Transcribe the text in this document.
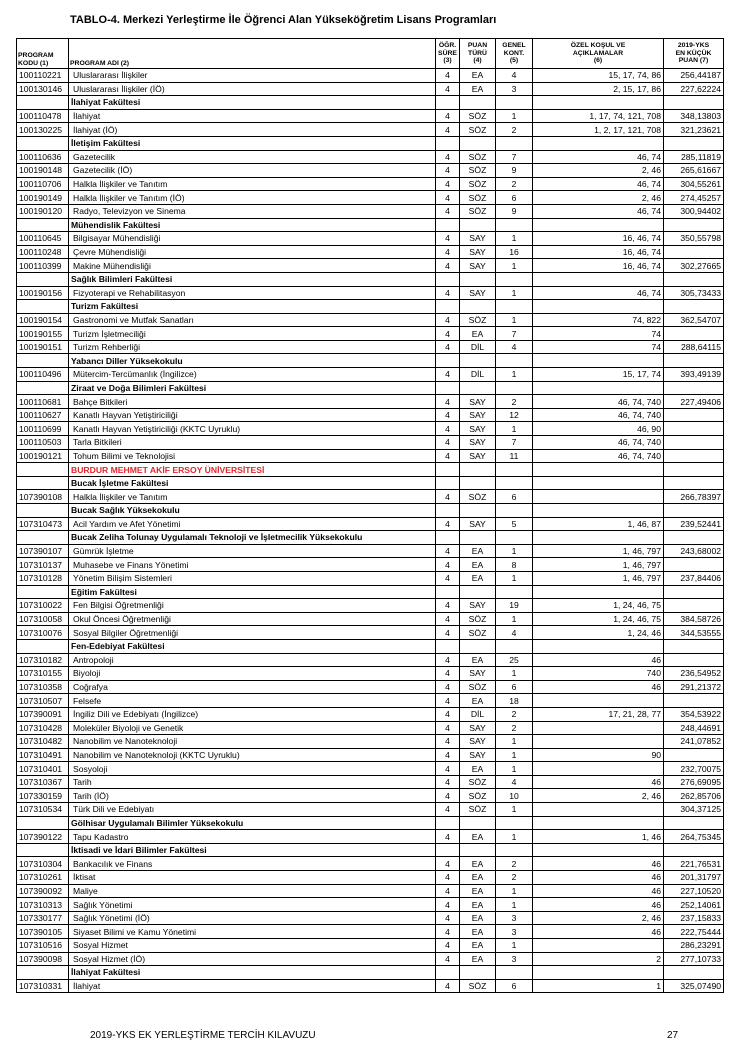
TABLO-4. Merkezi Yerleştirme İle Öğrenci Alan Yükseköğretim Lisans Programları
PROGRAM
KODU (1)	PROGRAM ADI (2)	ÖĞR.
SÜRE
(3)	PUAN
TÜRÜ
(4)	GENEL
KONT.
(5)	ÖZEL KOŞUL VE
AÇIKLAMALAR
(6)	2019-YKS
EN KÜÇÜK
PUAN (7)
100110221	Uluslararası İlişkiler	4	EA	4	15, 17, 74, 86	256,44187
100130146	Uluslararası İlişkiler (İÖ)	4	EA	3	2, 15, 17, 86	227,62224
	İlahiyat Fakültesi					
100110478	İlahiyat	4	SÖZ	1	1, 17, 74, 121, 708	348,13803
100130225	İlahiyat (İÖ)	4	SÖZ	2	1, 2, 17, 121, 708	321,23621
	İletişim Fakültesi					
100110636	Gazetecilik	4	SÖZ	7	46, 74	285,11819
100190148	Gazetecilik (İÖ)	4	SÖZ	9	2, 46	265,61667
100110706	Halkla İlişkiler ve Tanıtım	4	SÖZ	2	46, 74	304,55261
100190149	Halkla İlişkiler ve Tanıtım (İÖ)	4	SÖZ	6	2, 46	274,45257
100190120	Radyo, Televizyon ve Sinema	4	SÖZ	9	46, 74	300,94402
	Mühendislik Fakültesi					
100110645	Bilgisayar Mühendisliği	4	SAY	1	16, 46, 74	350,55798
100110248	Çevre Mühendisliği	4	SAY	16	16, 46, 74	
100110399	Makine Mühendisliği	4	SAY	1	16, 46, 74	302,27665
	Sağlık Bilimleri Fakültesi					
100190156	Fizyoterapi ve Rehabilitasyon	4	SAY	1	46, 74	305,73433
	Turizm Fakültesi					
100190154	Gastronomi ve Mutfak Sanatları	4	SÖZ	1	74, 822	362,54707
100190155	Turizm İşletmeciliği	4	EA	7	74	
100190151	Turizm Rehberliği	4	DİL	4	74	288,64115
	Yabancı Diller Yüksekokulu					
100110496	Mütercim-Tercümanlık (İngilizce)	4	DİL	1	15, 17, 74	393,49139
	Ziraat ve Doğa Bilimleri Fakültesi					
100110681	Bahçe Bitkileri	4	SAY	2	46, 74, 740	227,49406
100110627	Kanatlı Hayvan Yetiştiriciliği	4	SAY	12	46, 74, 740	
100110699	Kanatlı Hayvan Yetiştiriciliği (KKTC Uyruklu)	4	SAY	1	46, 90	
100110503	Tarla Bitkileri	4	SAY	7	46, 74, 740	
100190121	Tohum Bilimi ve Teknolojisi	4	SAY	11	46, 74, 740	
	BURDUR MEHMET AKİF ERSOY ÜNİVERSİTESİ					
	Bucak İşletme Fakültesi					
107390108	Halkla İlişkiler ve Tanıtım	4	SÖZ	6		266,78397
	Bucak Sağlık Yüksekokulu					
107310473	Acil Yardım ve Afet Yönetimi	4	SAY	5	1, 46, 87	239,52441
	Bucak Zeliha Tolunay Uygulamalı Teknoloji ve İşletmecilik Yüksekokulu					
107390107	Gümrük İşletme	4	EA	1	1, 46, 797	243,68002
107310137	Muhasebe ve Finans Yönetimi	4	EA	8	1, 46, 797	
107310128	Yönetim Bilişim Sistemleri	4	EA	1	1, 46, 797	237,84406
	Eğitim Fakültesi					
107310022	Fen Bilgisi Öğretmenliği	4	SAY	19	1, 24, 46, 75	
107310058	Okul Öncesi Öğretmenliği	4	SÖZ	1	1, 24, 46, 75	384,58726
107310076	Sosyal Bilgiler Öğretmenliği	4	SÖZ	4	1, 24, 46	344,53555
	Fen-Edebiyat Fakültesi					
107310182	Antropoloji	4	EA	25	46	
107310155	Biyoloji	4	SAY	1	740	236,54952
107310358	Coğrafya	4	SÖZ	6	46	291,21372
107310507	Felsefe	4	EA	18		
107390091	İngiliz Dili ve Edebiyatı (İngilizce)	4	DİL	2	17, 21, 28, 77	354,53922
107310428	Moleküler Biyoloji ve Genetik	4	SAY	2		248,44691
107310482	Nanobilim ve Nanoteknoloji	4	SAY	1		241,07852
107310491	Nanobilim ve Nanoteknoloji (KKTC Uyruklu)	4	SAY	1	90	
107310401	Sosyoloji	4	EA	1		232,70075
107310367	Tarih	4	SÖZ	4	46	276,69095
107330159	Tarih (İÖ)	4	SÖZ	10	2, 46	262,85706
107310534	Türk Dili ve Edebiyatı	4	SÖZ	1		304,37125
	Gölhisar Uygulamalı Bilimler Yüksekokulu					
107390122	Tapu Kadastro	4	EA	1	1, 46	264,75345
	İktisadi ve İdari Bilimler Fakültesi					
107310304	Bankacılık ve Finans	4	EA	2	46	221,76531
107310261	İktisat	4	EA	2	46	201,31797
107390092	Maliye	4	EA	1	46	227,10520
107310313	Sağlık Yönetimi	4	EA	1	46	252,14061
107330177	Sağlık Yönetimi (İÖ)	4	EA	3	2, 46	237,15833
107390105	Siyaset Bilimi ve Kamu Yönetimi	4	EA	3	46	222,75444
107310516	Sosyal Hizmet	4	EA	1		286,23291
107390098	Sosyal Hizmet (İÖ)	4	EA	3	2	277,10733
	İlahiyat Fakültesi					
107310331	İlahiyat	4	SÖZ	6	1	325,07490
2019-YKS EK YERLEŞTİRME TERCİH KILAVUZU	27
